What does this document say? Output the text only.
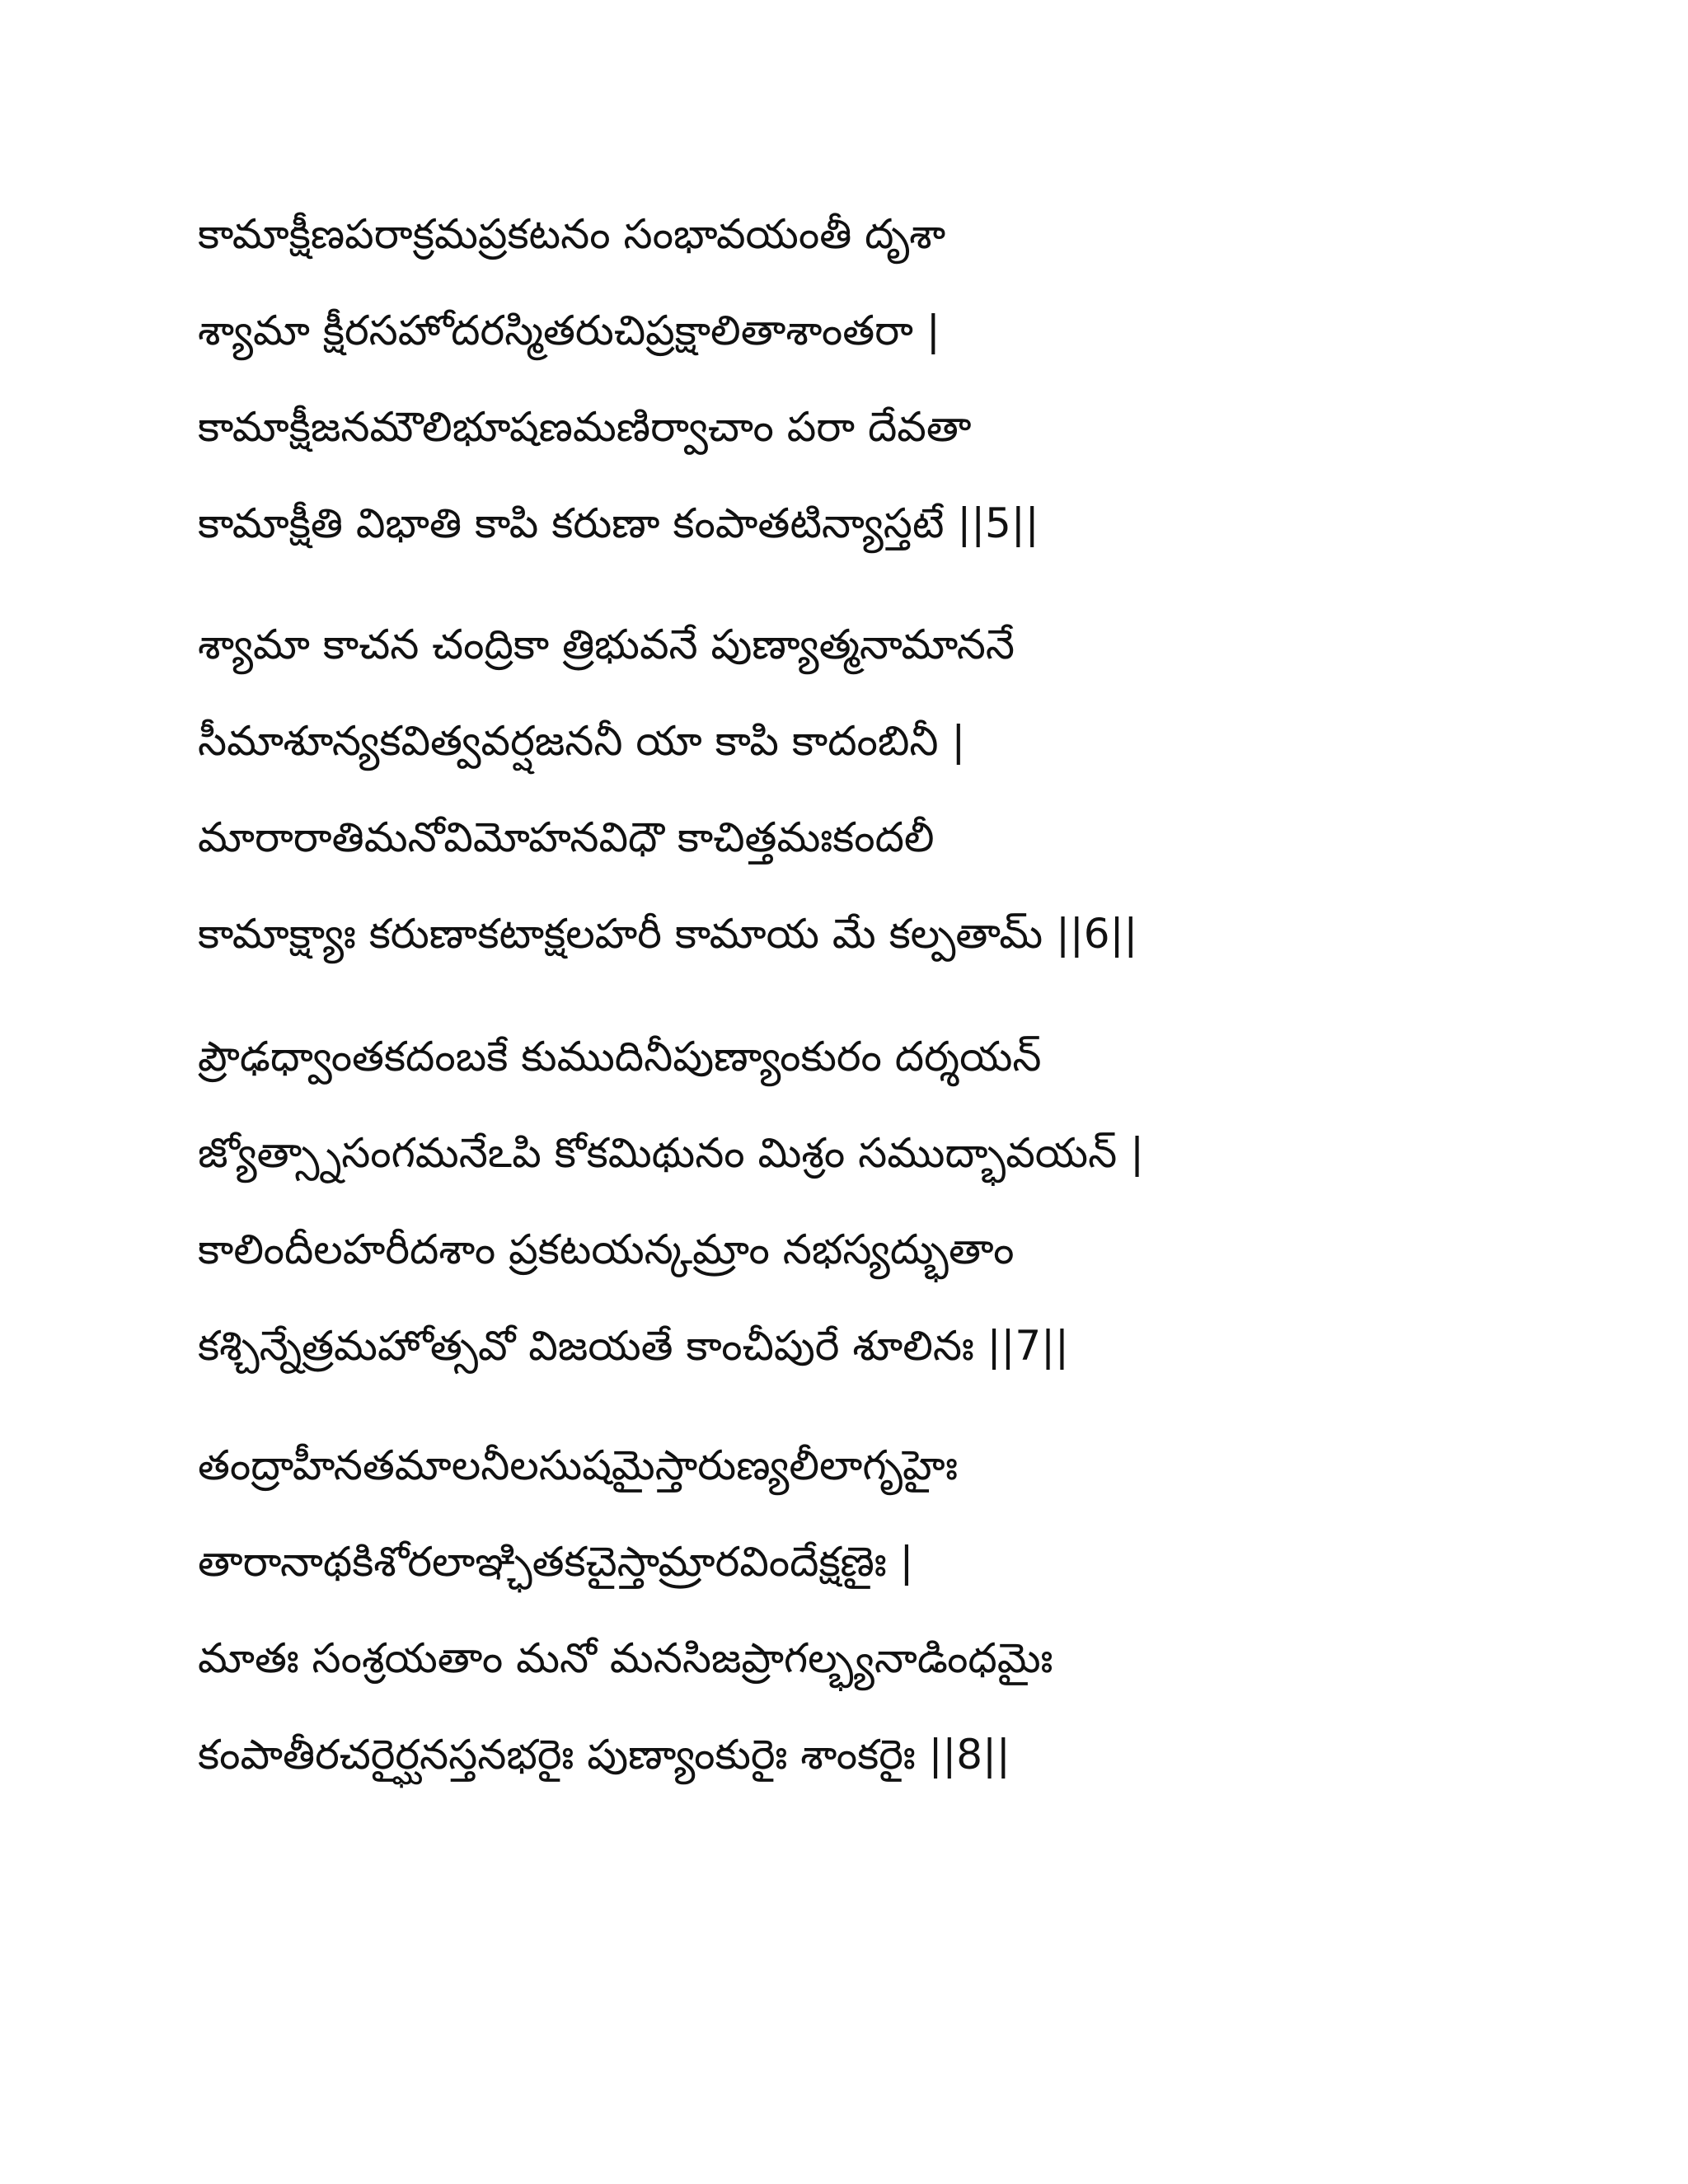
కామాక్షీణపరాక్రమప్రకటనం సంభావయంతీ దృశా
శ్యామా క్షీరసహోదరస్మితరుచిప్రక్షాలితాశాంతరా |
కామాక్షీజనమౌలిభూషణమణిర్వాచాం పరా దేవతా
కామాక్షీతి విభాతి కాపి కరుణా కంపాతటిన్యాస్తటే ||5||
శ్యామా కాచన చంద్రికా త్రిభువనే పుణ్యాత్మనామాననే
సీమాశూన్యకవిత్వవర్షజననీ యా కాపి కాదంబినీ |
మారారాతిమనోవిమోహనవిధౌ కాచిత్తమఃకందలీ
కామాక్ష్యాః కరుణాకటాక్షలహరీ కామాయ మే కల్పతామ్ ||6||
ప్రౌఢధ్వాంతకదంబకే కుముదినీపుణ్యాంకురం దర్శయన్
జ్యోత్స్నాసంగమనేఽపి కోకమిథునం మిశ్రం సముద్భావయన్ |
కాలిందీలహరీదశాం ప్రకటయన్కమ్రాం నభస్యద్భుతాం
కశ్చిన్నేత్రమహోత్సవో విజయతే కాంచీపురే శూలినః ||7||
తంద్రాహీనతమాలనీలసుషమైస్తారుణ్యలీలాగృహైః
తారానాథకిశోరలాఞ్ఛితకచైస్తామ్రారవిందేక్షణైః |
మాతః సంశ్రయతాం మనో మనసిజప్రాగల్భ్యనాడింధమైః
కంపాతీరచరైర్ఘనస్తనభరైః పుణ్యాంకురైః శాంకరైః ||8||
